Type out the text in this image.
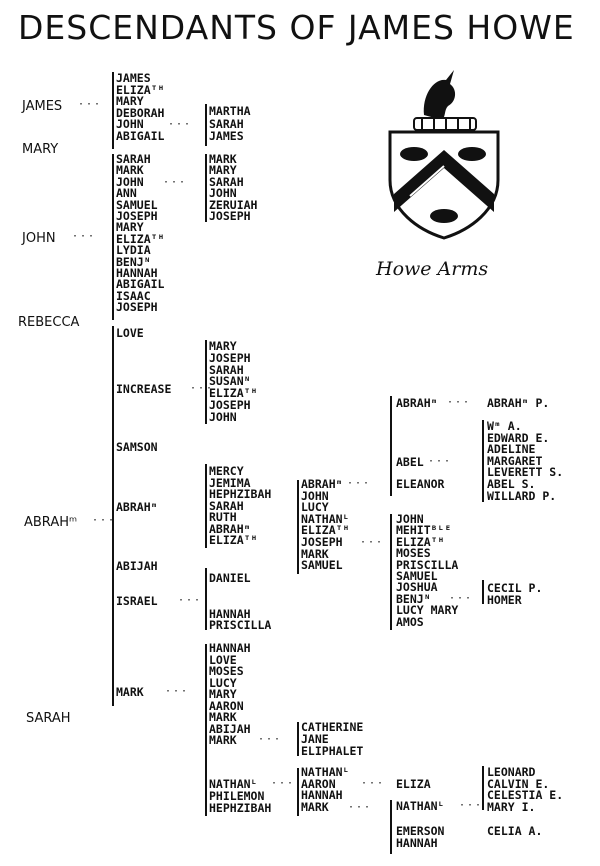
DESCENDANTS OF JAMES HOWE
Howe Arms
JAMES
MARY
JOHN
REBECCA
ABRAHᵐ
SARAH
···
···
···
JAMES
ELIZAᵀᴴ
MARY
DEBORAH
JOHN
ABIGAIL
···
MARTHA
SARAH
JAMES
SARAH
MARK
JOHN
ANN
SAMUEL
JOSEPH
MARY
ELIZAᵀᴴ
LYDIA
BENJᴺ
HANNAH
ABIGAIL
ISAAC
JOSEPH
···
MARK
MARY
SARAH
JOHN
ZERUIAH
JOSEPH
LOVE
INCREASE
SAMSON
ABRAHᵐ
ABIJAH
ISRAEL
MARK
···
···
···
MARY
JOSEPH
SARAH
SUSANᴺ
ELIZAᵀᴴ
JOSEPH
JOHN
MERCY
JEMIMA
HEPHZIBAH
SARAH
RUTH
ABRAHᵐ
ELIZAᵀᴴ
ABRAHᵐ
JOHN
LUCY
NATHANᴸ
ELIZAᵀᴴ
JOSEPH
MARK
SAMUEL
···
···
ABRAHᵐ
ABEL
ELEANOR
···
···
ABRAHᵐ P.
Wᵐ A.
EDWARD E.
ADELINE
MARGARET
LEVERETT S.
ABEL S.
WILLARD P.
JOHN
MEHITᴮᴸᴱ
ELIZAᵀᴴ
MOSES
PRISCILLA
SAMUEL
JOSHUA
BENJᴺ
LUCY MARY
AMOS
···
CECIL P.
HOMER
DANIEL
HANNAH
PRISCILLA
HANNAH
LOVE
MOSES
LUCY
MARY
AARON
MARK
ABIJAH
MARK
NATHANᴸ
PHILEMON
HEPHZIBAH
···
···
CATHERINE
JANE
ELIPHALET
NATHANᴸ
AARON
HANNAH
MARK
···
···
ELIZA
NATHANᴸ
EMERSON
HANNAH
···
LEONARD
CALVIN E.
CELESTIA E.
MARY I.
CELIA A.
